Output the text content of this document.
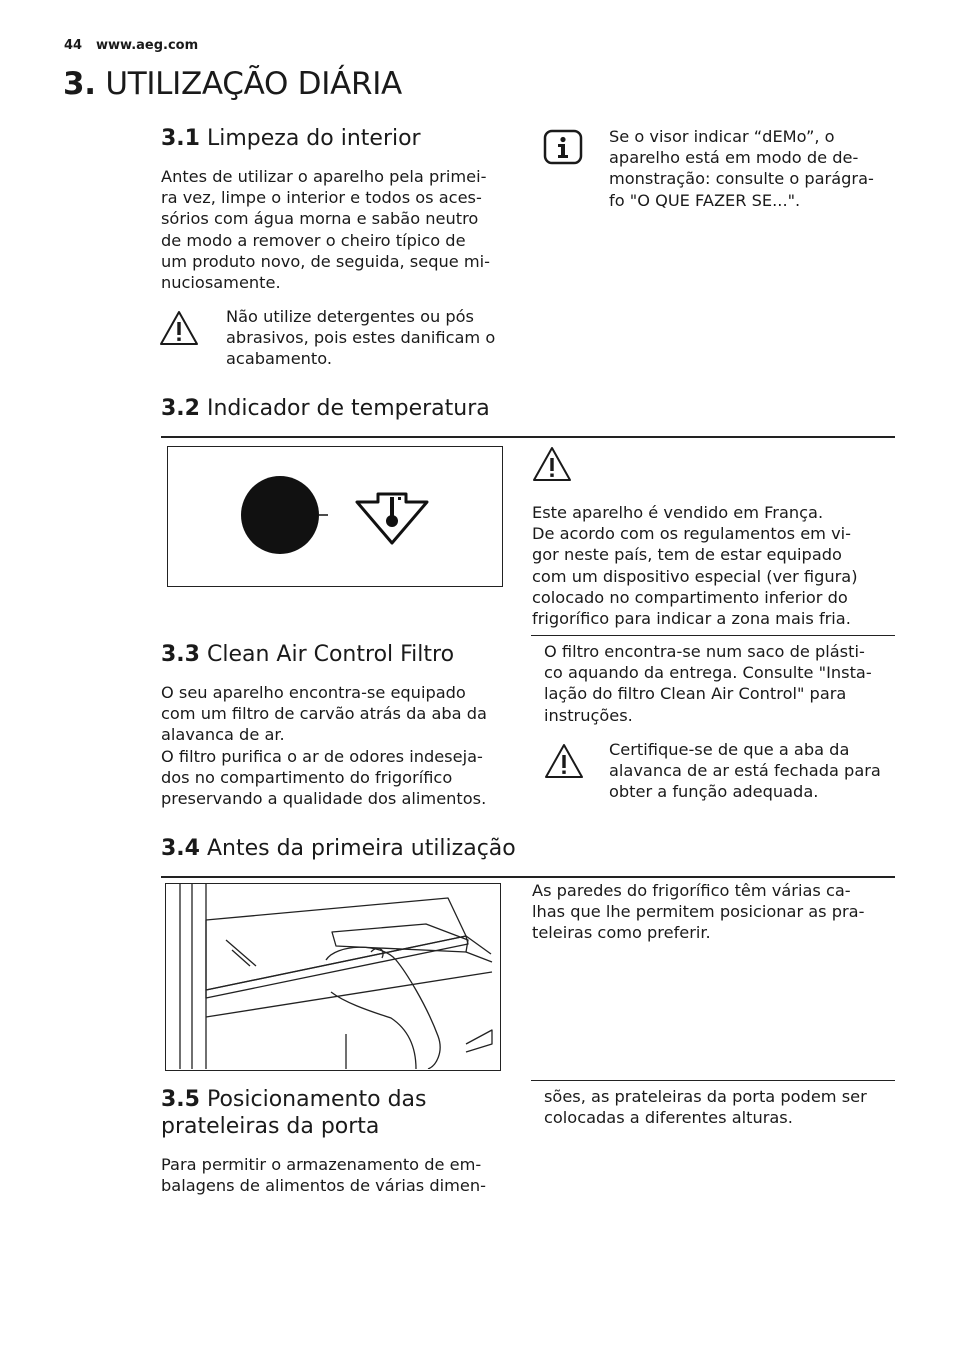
44 www.aeg.com
3. UTILIZAÇÃO DIÁRIA
3.1 Limpeza do interior
Antes de utilizar o aparelho pela primei-
ra vez, limpe o interior e todos os aces-
sórios com água morna e sabão neutro
de modo a remover o cheiro típico de
um produto novo, de seguida, seque mi-
nuciosamente.
Não utilize detergentes ou pós
abrasivos, pois estes danificam o
acabamento.
Se o visor indicar “dEMo”, o
aparelho está em modo de de-
monstração: consulte o parágra-
fo "O QUE FAZER SE...".
3.2 Indicador de temperatura
Este aparelho é vendido em França.
De acordo com os regulamentos em vi-
gor neste país, tem de estar equipado
com um dispositivo especial (ver figura)
colocado no compartimento inferior do
frigorífico para indicar a zona mais fria.
3.3 Clean Air Control Filtro
O seu aparelho encontra-se equipado
com um filtro de carvão atrás da aba da
alavanca de ar.
O filtro purifica o ar de odores indeseja-
dos no compartimento do frigorífico
preservando a qualidade dos alimentos.
O filtro encontra-se num saco de plásti-
co aquando da entrega. Consulte "Insta-
lação do filtro Clean Air Control" para
instruções.
Certifique-se de que a aba da
alavanca de ar está fechada para
obter a função adequada.
3.4 Antes da primeira utilização
As paredes do frigorífico têm várias ca-
lhas que lhe permitem posicionar as pra-
teleiras como preferir.
3.5 Posicionamento das
prateleiras da porta
Para permitir o armazenamento de em-
balagens de alimentos de várias dimen-
sões, as prateleiras da porta podem ser
colocadas a diferentes alturas.
